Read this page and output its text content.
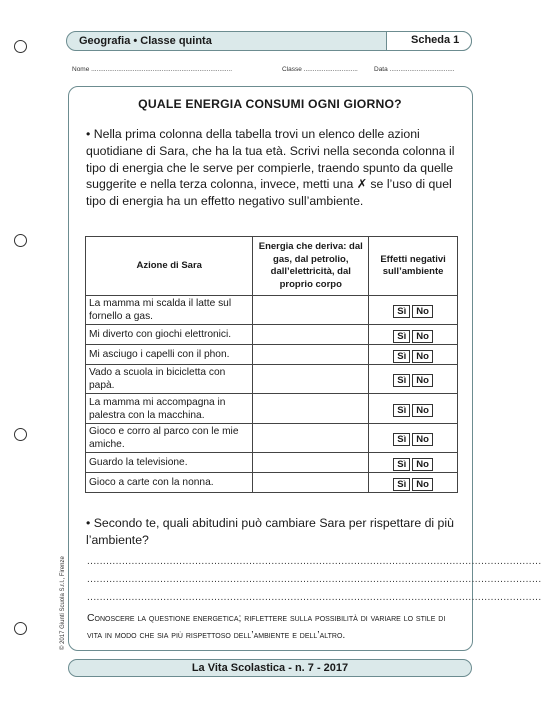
Geografia • Classe quinta	Scheda 1
Nome ..............................................................................	Classe .............................. Data ....................................
QUALE ENERGIA CONSUMI OGNI GIORNO?
• Nella prima colonna della tabella trovi un elenco delle azioni quotidiane di Sara, che ha la tua età. Scrivi nella seconda colonna il tipo di energia che le serve per compierle, traendo spunto da quelle suggerite e nella terza colonna, invece, metti una ✗ se l’uso di quel tipo di energia ha un effetto negativo sull’ambiente.
Azione di Sara	Energia che deriva: dal gas, dal petrolio, dall’elettricità, dal proprio corpo	Effetti negativi sull’ambiente
La mamma mi scalda il latte sul fornello a gas.		Sì No
Mi diverto con giochi elettronici.		Sì No
Mi asciugo i capelli con il phon.		Sì No
Vado a scuola in bicicletta con papà.		Sì No
La mamma mi accompagna in palestra con la macchina.		Sì No
Gioco e corro al parco con le mie amiche.		Sì No
Guardo la televisione.		Sì No
Gioco a carte con la nonna.		Sì No
• Secondo te, quali abitudini può cambiare Sara per rispettare di più l’ambiente?
...............................................................................................................................................
...............................................................................................................................................
...............................................................................................................................................
Conoscere la questione energetica; riflettere sulla possibilità di variare lo stile di vita in modo che sia più rispettoso dell’ambiente e dell’altro.
© 2017 Giunti Scuola S.r.l., Firenze
La Vita Scolastica - n. 7 - 2017
